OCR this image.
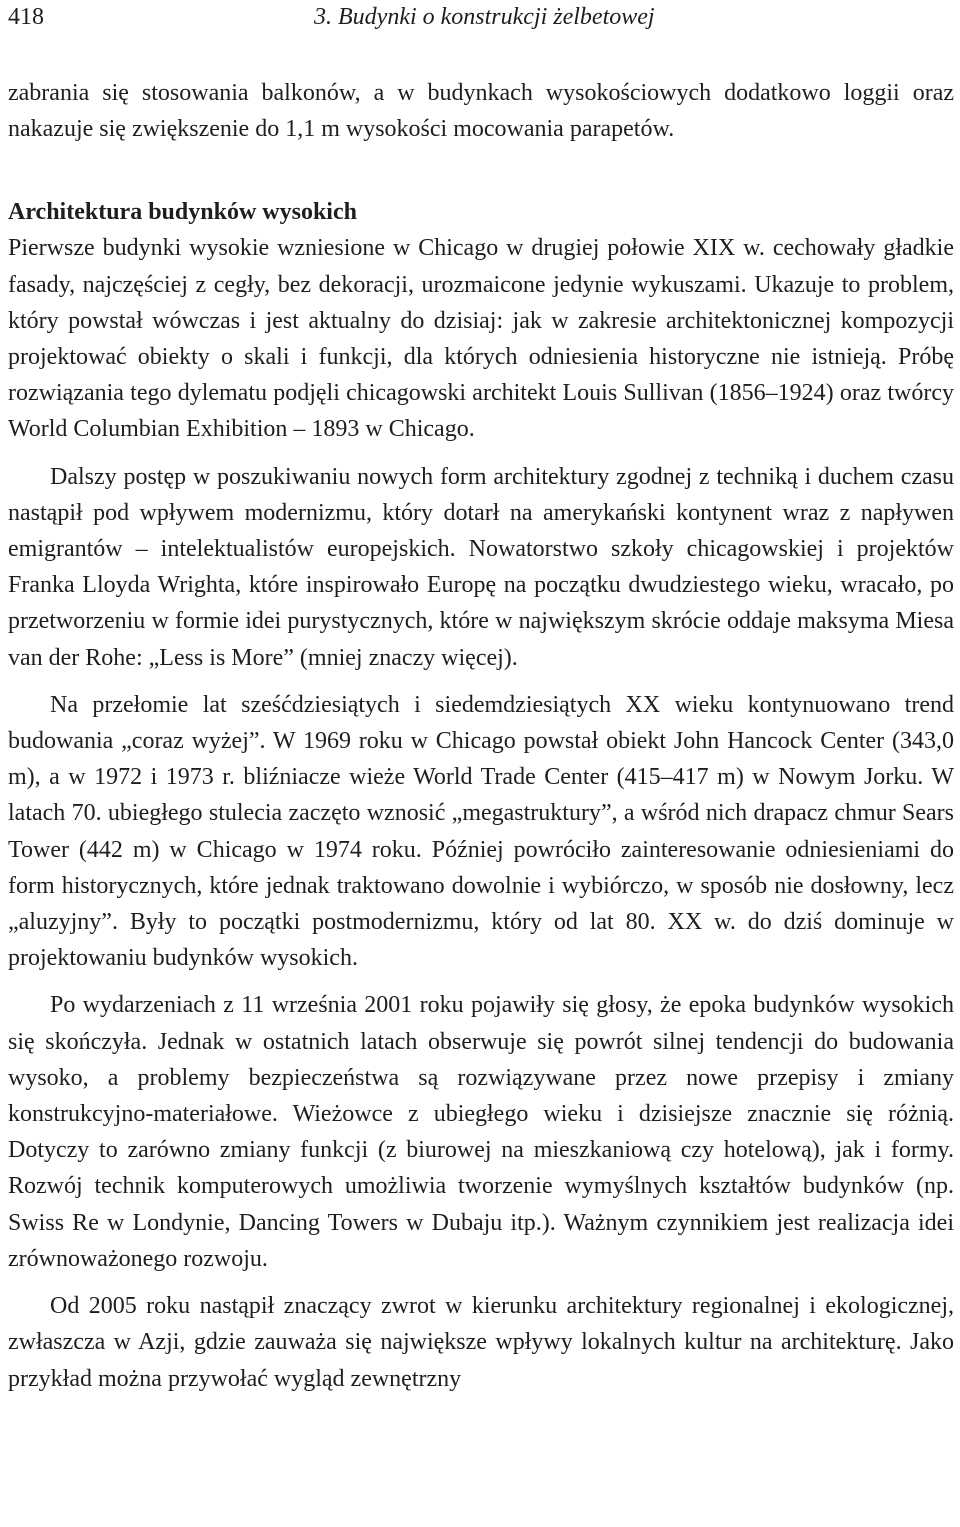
418	3. Budynki o konstrukcji żelbetowej

zabrania się stosowania balkonów, a w budynkach wysokościowych dodatkowo loggii oraz nakazuje się zwiększenie do 1,1 m wysokości mocowania parapetów.

Architektura budynków wysokich

Pierwsze budynki wysokie wzniesione w Chicago w drugiej połowie XIX w. cechowały gładkie fasady, najczęściej z cegły, bez dekoracji, urozmaicone jedynie wykuszami. Ukazuje to problem, który powstał wówczas i jest aktualny do dzisiaj: jak w zakresie architektonicznej kompozycji projektować obiekty o skali i funkcji, dla których odniesienia historyczne nie istnieją. Próbę rozwiązania tego dylematu podjęli chicagowski architekt Louis Sullivan (1856–1924) oraz twórcy World Columbian Exhibition – 1893 w Chicago.

Dalszy postęp w poszukiwaniu nowych form architektury zgodnej z techniką i duchem czasu nastąpił pod wpływem modernizmu, który dotarł na amerykański kontynent wraz z napływen emigrantów – intelektualistów europejskich. Nowatorstwo szkoły chicagowskiej i projektów Franka Lloyda Wrighta, które inspirowało Europę na początku dwudziestego wieku, wracało, po przetworzeniu w formie idei purystycznych, które w największym skrócie oddaje maksyma Miesa van der Rohe: „Less is More” (mniej znaczy więcej).

Na przełomie lat sześćdziesiątych i siedemdziesiątych XX wieku kontynuowano trend budowania „coraz wyżej”. W 1969 roku w Chicago powstał obiekt John Hancock Center (343,0 m), a w 1972 i 1973 r. bliźniacze wieże World Trade Center (415–417 m) w Nowym Jorku. W latach 70. ubiegłego stulecia zaczęto wznosić „megastruktury”, a wśród nich drapacz chmur Sears Tower (442 m) w Chicago w 1974 roku. Później powróciło zainteresowanie odniesieniami do form historycznych, które jednak traktowano dowolnie i wybiórczo, w sposób nie dosłowny, lecz „aluzyjny”. Były to początki postmodernizmu, który od lat 80. XX w. do dziś dominuje w projektowaniu budynków wysokich.

Po wydarzeniach z 11 września 2001 roku pojawiły się głosy, że epoka budynków wysokich się skończyła. Jednak w ostatnich latach obserwuje się powrót silnej tendencji do budowania wysoko, a problemy bezpieczeństwa są rozwiązywane przez nowe przepisy i zmiany konstrukcyjno-materiałowe. Wieżowce z ubiegłego wieku i dzisiejsze znacznie się różnią. Dotyczy to zarówno zmiany funkcji (z biurowej na mieszkaniową czy hotelową), jak i formy. Rozwój technik komputerowych umożliwia tworzenie wymyślnych kształtów budynków (np. Swiss Re w Londynie, Dancing Towers w Dubaju itp.). Ważnym czynnikiem jest realizacja idei zrównoważonego rozwoju.

Od 2005 roku nastąpił znaczący zwrot w kierunku architektury regionalnej i ekologicznej, zwłaszcza w Azji, gdzie zauważa się największe wpływy lokalnych kultur na architekturę. Jako przykład można przywołać wygląd zewnętrzny
